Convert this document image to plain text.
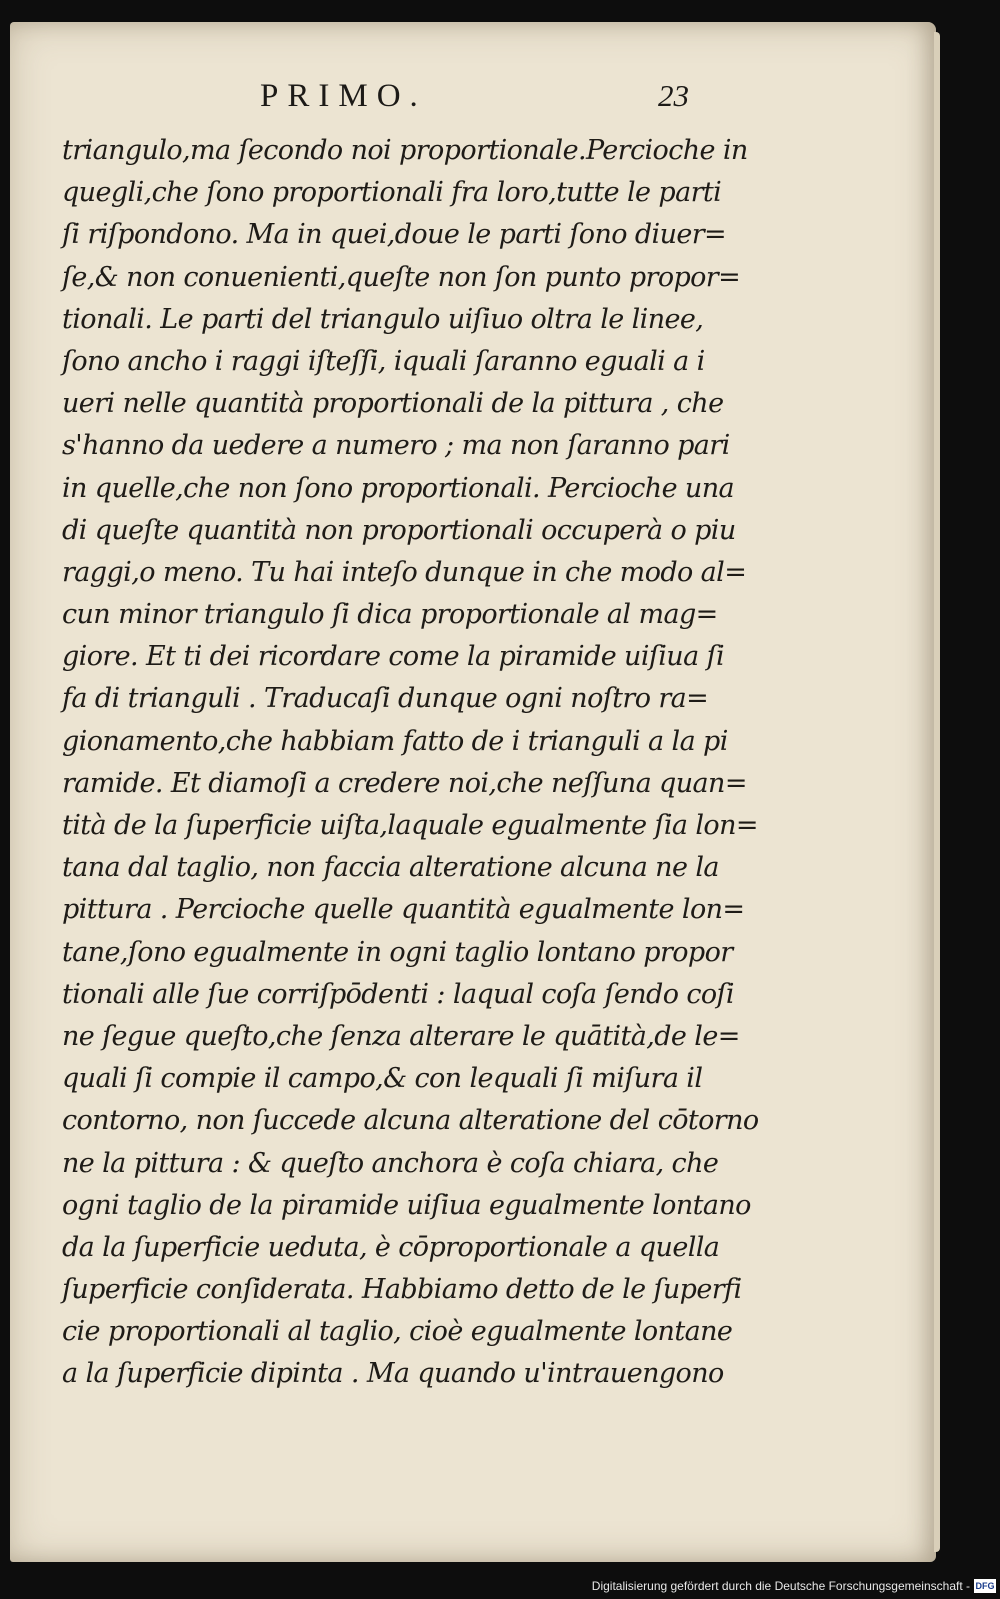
PRIMO.	23
triangulo,ma ſecondo noi proportionale.Percioche in
quegli,che ſono proportionali fra loro,tutte le parti
ſi riſpondono. Ma in quei,doue le parti ſono diuer=
ſe,& non conuenienti,queſte non ſon punto propor=
tionali. Le parti del triangulo uiſiuo oltra le linee,
ſono ancho i raggi iſteſſi, iquali ſaranno eguali a i
ueri nelle quantità proportionali de la pittura , che
s'hanno da uedere a numero ; ma non ſaranno pari
in quelle,che non ſono proportionali. Percioche una
di queſte quantità non proportionali occuperà o piu
raggi,o meno. Tu hai inteſo dunque in che modo al=
cun minor triangulo ſi dica proportionale al mag=
giore. Et ti dei ricordare come la piramide uiſiua ſi
fa di trianguli . Traducaſi dunque ogni noſtro ra=
gionamento,che habbiam fatto de i trianguli a la pi
ramide. Et diamoſi a credere noi,che neſſuna quan=
tità de la ſuperficie uiſta,laquale egualmente ſia lon=
tana dal taglio, non faccia alteratione alcuna ne la
pittura . Percioche quelle quantità egualmente lon=
tane,ſono egualmente in ogni taglio lontano propor
tionali alle ſue corriſpōdenti : laqual coſa ſendo coſi
ne ſegue queſto,che ſenza alterare le quātità,de le=
quali ſi compie il campo,& con lequali ſi miſura il
contorno, non ſuccede alcuna alteratione del cōtorno
ne la pittura : & queſto anchora è coſa chiara, che
ogni taglio de la piramide uiſiua egualmente lontano
da la ſuperficie ueduta, è cōproportionale a quella
ſuperficie conſiderata. Habbiamo detto de le ſuperfi
cie proportionali al taglio, cioè egualmente lontane
a la ſuperficie dipinta . Ma quando u'intrauengono
Digitalisierung gefördert durch die Deutsche Forschungsgemeinschaft - DFG
